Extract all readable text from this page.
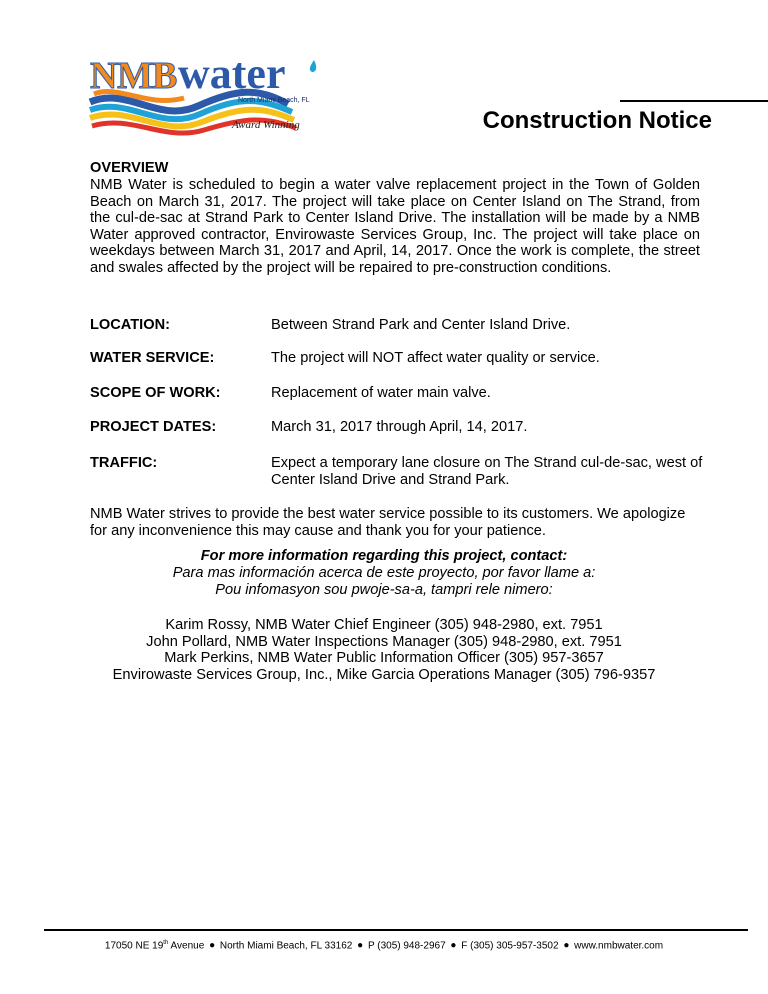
N M B water
North Miami Beach, FL
Award Winning	Construction Notice
OVERVIEW
NMB Water is scheduled to begin a water valve replacement project in the Town of Golden Beach on March 31, 2017. The project will take place on Center Island on The Strand, from the cul-de-sac at Strand Park to Center Island Drive. The installation will be made by a NMB Water approved contractor, Envirowaste Services Group, Inc. The project will take place on weekdays between March 31, 2017 and April, 14, 2017. Once the work is complete, the street and swales affected by the project will be repaired to pre-construction conditions.
LOCATION:	Between Strand Park and Center Island Drive.
WATER SERVICE:	The project will NOT affect water quality or service.
SCOPE OF WORK:	Replacement of water main valve.
PROJECT DATES:	March 31, 2017 through April, 14, 2017.
TRAFFIC:	Expect a temporary lane closure on The Strand cul-de-sac, west of Center Island Drive and Strand Park.
NMB Water strives to provide the best water service possible to its customers. We apologize for any inconvenience this may cause and thank you for your patience.
For more information regarding this project, contact:
Para mas información acerca de este proyecto, por favor llame a:
Pou infomasyon sou pwoje-sa-a, tampri rele nimero:
Karim Rossy, NMB Water Chief Engineer (305) 948-2980, ext. 7951
John Pollard, NMB Water Inspections Manager (305) 948-2980, ext. 7951
Mark Perkins, NMB Water Public Information Officer (305) 957-3657
Envirowaste Services Group, Inc., Mike Garcia Operations Manager (305) 796-9357
17050 NE 19th Avenue ● North Miami Beach, FL 33162 ● P (305) 948-2967 ● F (305) 305-957-3502 ● www.nmbwater.com
